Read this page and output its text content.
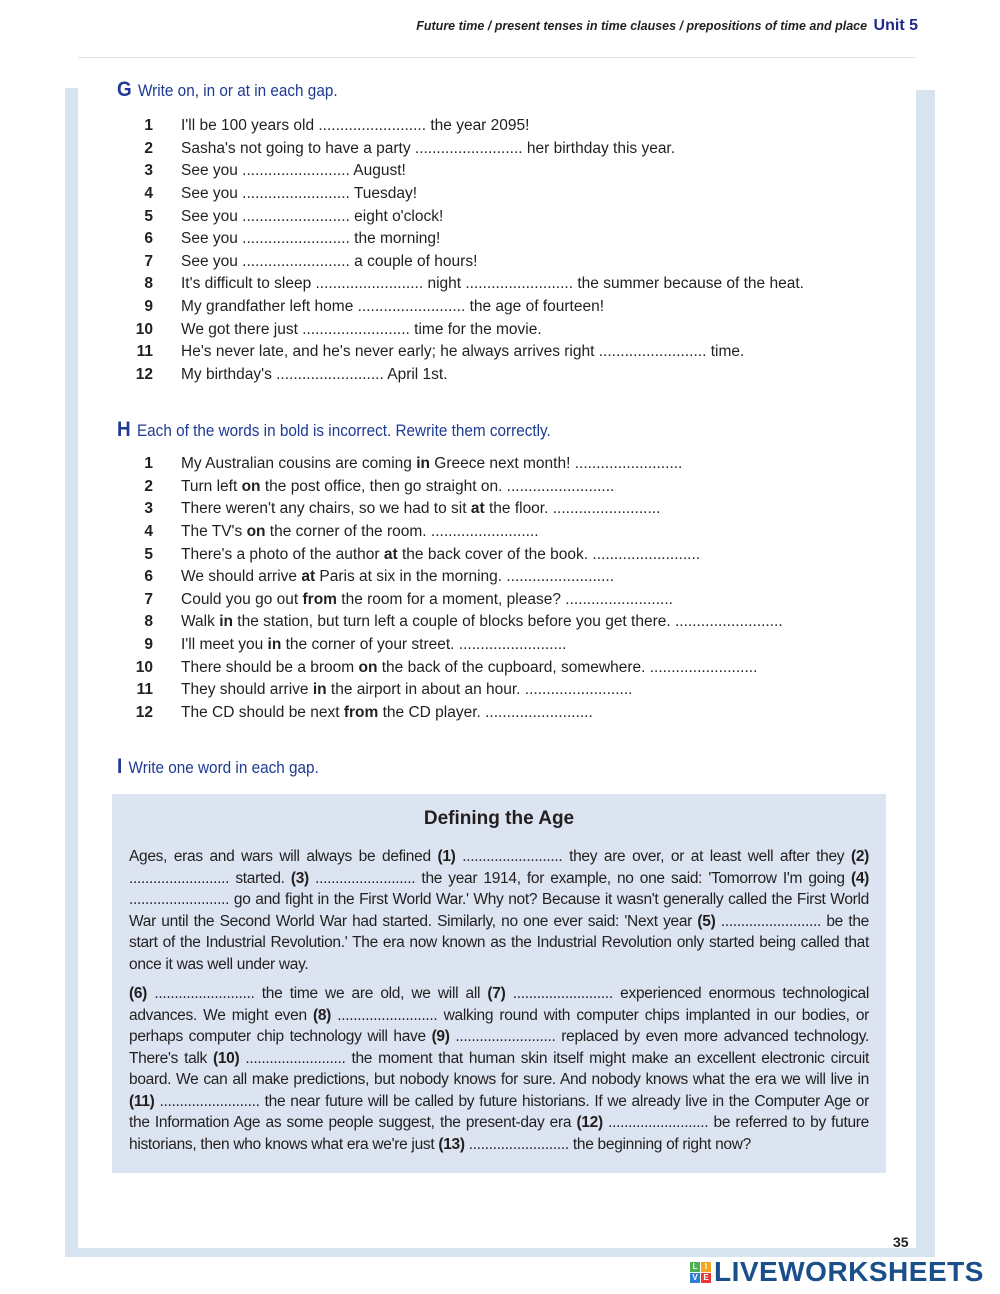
Future time / present tenses in time clauses / prepositions of time and place Unit 5
G Write on, in or at in each gap.
1 I'll be 100 years old ......................... the year 2095!
2 Sasha's not going to have a party ......................... her birthday this year.
3 See you ......................... August!
4 See you ......................... Tuesday!
5 See you ......................... eight o'clock!
6 See you ......................... the morning!
7 See you ......................... a couple of hours!
8 It's difficult to sleep ......................... night ......................... the summer because of the heat.
9 My grandfather left home ......................... the age of fourteen!
10 We got there just ......................... time for the movie.
11 He's never late, and he's never early; he always arrives right ......................... time.
12 My birthday's ......................... April 1st.
H Each of the words in bold is incorrect. Rewrite them correctly.
1 My Australian cousins are coming in Greece next month! .........................
2 Turn left on the post office, then go straight on. .........................
3 There weren't any chairs, so we had to sit at the floor. .........................
4 The TV's on the corner of the room. .........................
5 There's a photo of the author at the back cover of the book. .........................
6 We should arrive at Paris at six in the morning. .........................
7 Could you go out from the room for a moment, please? .........................
8 Walk in the station, but turn left a couple of blocks before you get there. .........................
9 I'll meet you in the corner of your street. .........................
10 There should be a broom on the back of the cupboard, somewhere. .........................
11 They should arrive in the airport in about an hour. .........................
12 The CD should be next from the CD player. .........................
I Write one word in each gap.
Defining the Age
Ages, eras and wars will always be defined (1) ......................... they are over, or at least well after they (2) ......................... started. (3) ......................... the year 1914, for example, no one said: 'Tomorrow I'm going (4) ......................... go and fight in the First World War.' Why not? Because it wasn't generally called the First World War until the Second World War had started. Similarly, no one ever said: 'Next year (5) ......................... be the start of the Industrial Revolution.' The era now known as the Industrial Revolution only started being called that once it was well under way.
(6) ......................... the time we are old, we will all (7) ......................... experienced enormous technological advances. We might even (8) ......................... walking round with computer chips implanted in our bodies, or perhaps computer chip technology will have (9) ......................... replaced by even more advanced technology. There's talk (10) ......................... the moment that human skin itself might make an excellent electronic circuit board. We can all make predictions, but nobody knows for sure. And nobody knows what the era we will live in (11) ......................... the near future will be called by future historians. If we already live in the Computer Age or the Information Age as some people suggest, the present-day era (12) ......................... be referred to by future historians, then who knows what era we're just (13) ......................... the beginning of right now?
35
L I
V E LIVEWORKSHEETS
